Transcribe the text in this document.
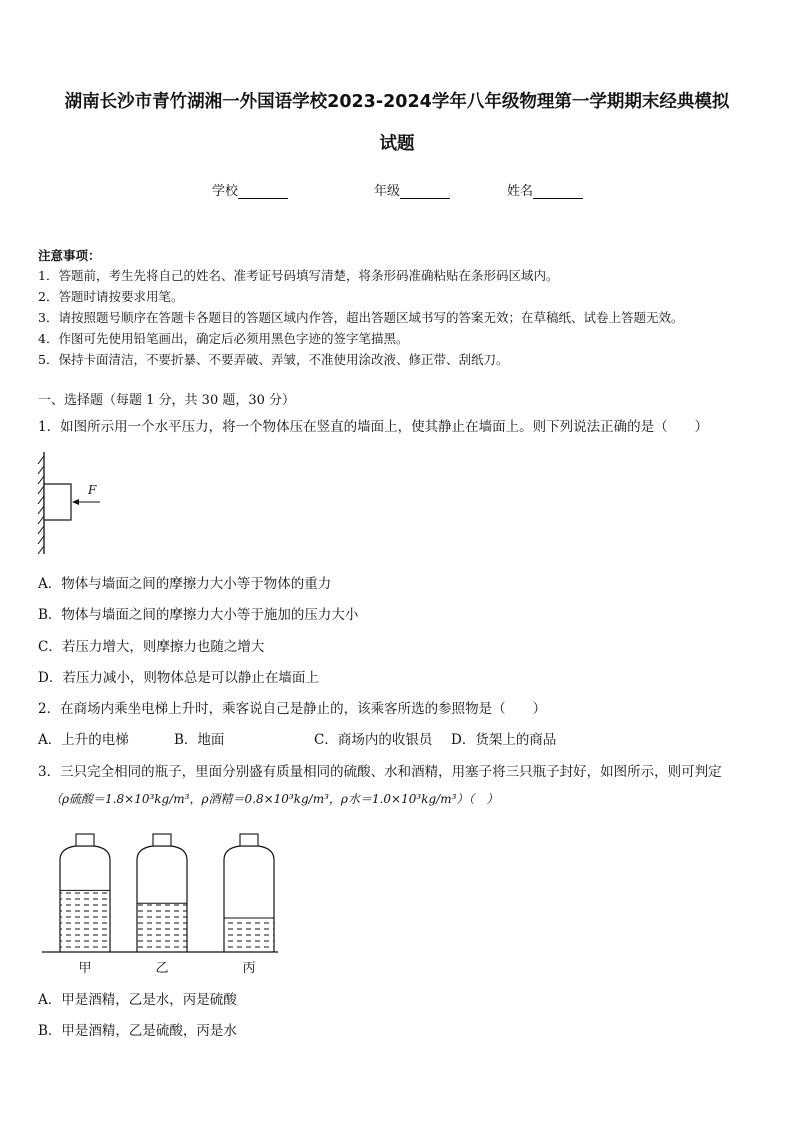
湖南长沙市青竹湖湘一外国语学校2023-2024学年八年级物理第一学期期末经典模拟
试题
学校	年级	姓名
注意事项：
1．答题前，考生先将自己的姓名、准考证号码填写清楚，将条形码准确粘贴在条形码区域内。
2．答题时请按要求用笔。
3．请按照题号顺序在答题卡各题目的答题区域内作答，超出答题区域书写的答案无效；在草稿纸、试卷上答题无效。
4．作图可先使用铅笔画出，确定后必须用黑色字迹的签字笔描黑。
5．保持卡面清洁，不要折暴、不要弄破、弄皱，不准使用涂改液、修正带、刮纸刀。
一、选择题（每题 1 分，共 30 题，30 分）
1．如图所示用一个水平压力，将一个物体压在竖直的墙面上，使其静止在墙面上。则下列说法正确的是（　　）
F
A．物体与墙面之间的摩擦力大小等于物体的重力
B．物体与墙面之间的摩擦力大小等于施加的压力大小
C．若压力增大，则摩擦力也随之增大
D．若压力减小，则物体总是可以静止在墙面上
2．在商场内乘坐电梯上升时，乘客说自己是静止的，该乘客所选的参照物是（　　）
A．上升的电梯	B．地面	C．商场内的收银员 D．货架上的商品
3．三只完全相同的瓶子，里面分别盛有质量相同的硫酸、水和酒精，用塞子将三只瓶子封好，如图所示，则可判定
（ρ硫酸＝1.8×10³kg/m³，ρ酒精＝0.8×10³kg/m³，ρ水＝1.0×10³kg/m³）（　）
甲	乙	丙
A．甲是酒精，乙是水，丙是硫酸
B．甲是酒精，乙是硫酸，丙是水
